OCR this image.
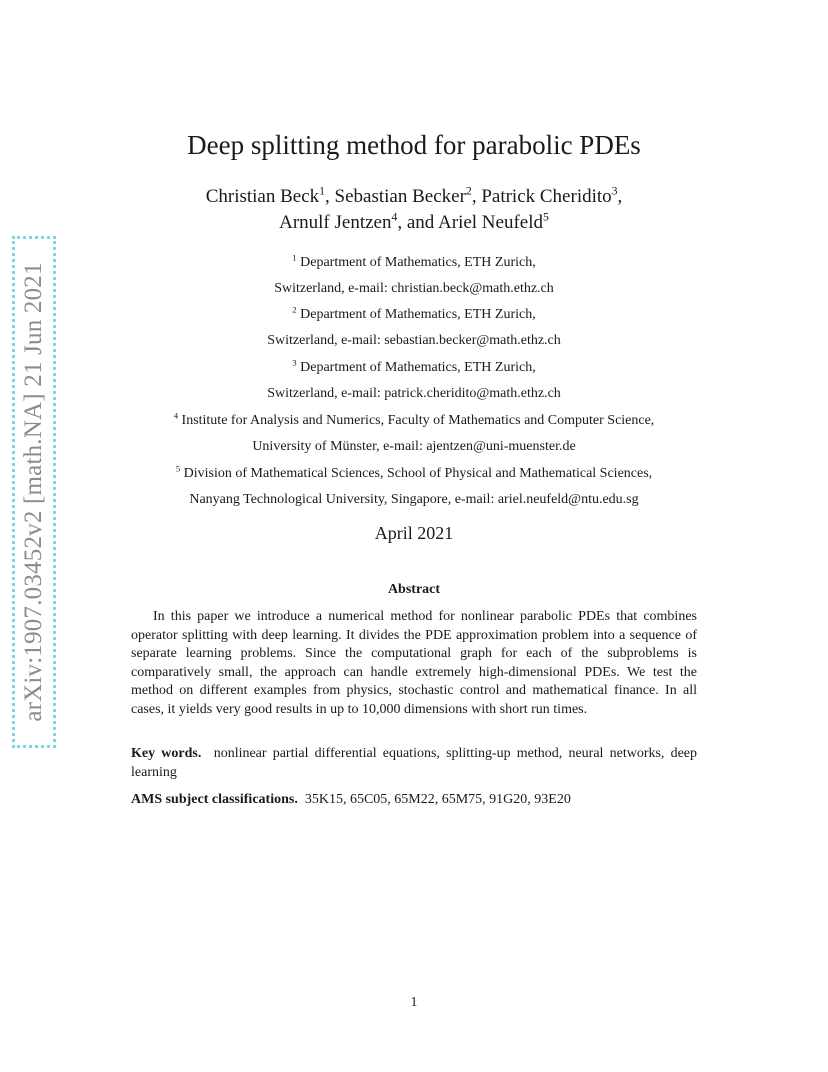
arXiv:1907.03452v2 [math.NA] 21 Jun 2021
Deep splitting method for parabolic PDEs
Christian Beck$^1$, Sebastian Becker$^2$, Patrick Cheridito$^3$,
Arnulf Jentzen$^4$, and Ariel Neufeld$^5$
$^1$ Department of Mathematics, ETH Zurich,
Switzerland, e-mail: christian.beck@math.ethz.ch
$^2$ Department of Mathematics, ETH Zurich,
Switzerland, e-mail: sebastian.becker@math.ethz.ch
$^3$ Department of Mathematics, ETH Zurich,
Switzerland, e-mail: patrick.cheridito@math.ethz.ch
$^4$ Institute for Analysis and Numerics, Faculty of Mathematics and Computer Science,
University of Münster, e-mail: ajentzen@uni-muenster.de
$^5$ Division of Mathematical Sciences, School of Physical and Mathematical Sciences,
Nanyang Technological University, Singapore, e-mail: ariel.neufeld@ntu.edu.sg
April 2021
Abstract

In this paper we introduce a numerical method for nonlinear parabolic PDEs that combines operator splitting with deep learning. It divides the PDE approximation problem into a sequence of separate learning problems. Since the computational graph for each of the subproblems is comparatively small, the approach can handle extremely high-dimensional PDEs. We test the method on different examples from physics, stochastic control and mathematical finance. In all cases, it yields very good results in up to 10,000 dimensions with short run times.

Key words. nonlinear partial differential equations, splitting-up method, neural networks, deep learning

AMS subject classifications. 35K15, 65C05, 65M22, 65M75, 91G20, 93E20

1
